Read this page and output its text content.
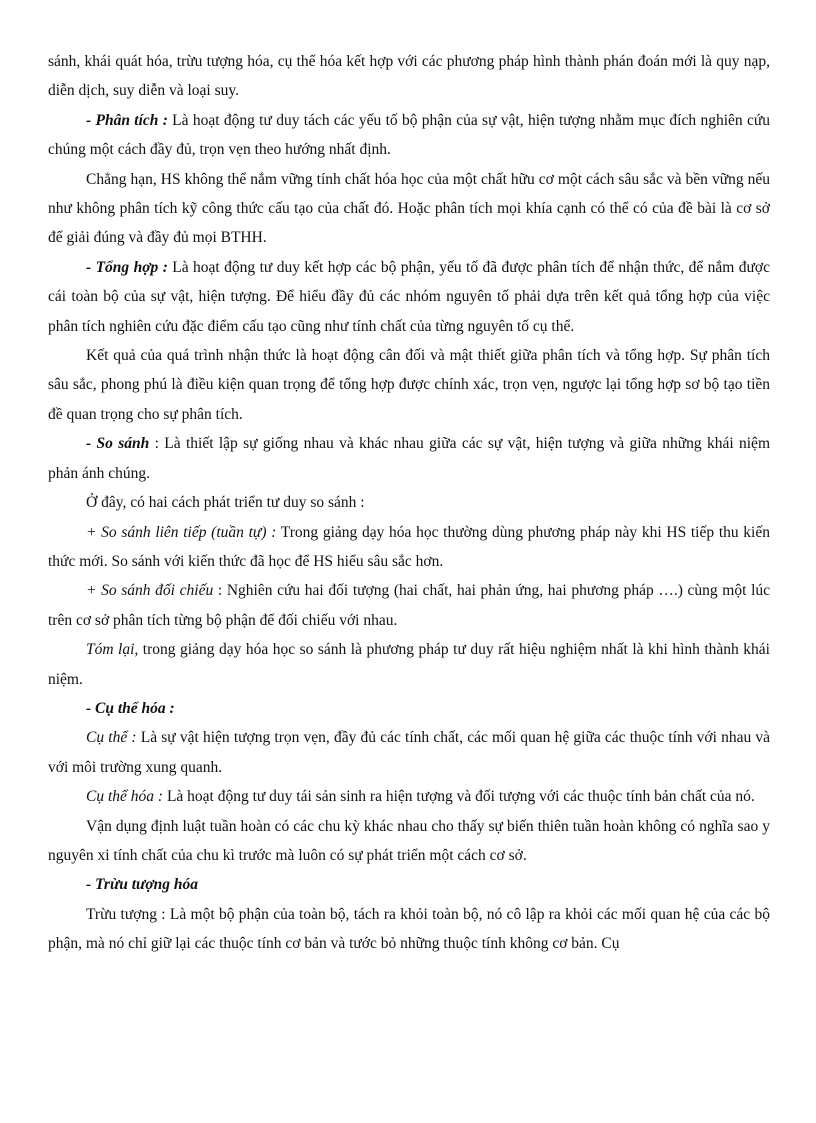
sánh, khái quát hóa, trừu tượng hóa, cụ thể hóa kết hợp với các phương pháp hình thành phán đoán mới là quy nạp, diễn dịch, suy diễn và loại suy.

- Phân tích : Là hoạt động tư duy tách các yếu tố bộ phận của sự vật, hiện tượng nhằm mục đích nghiên cứu chúng một cách đầy đủ, trọn vẹn theo hướng nhất định.

Chẳng hạn, HS không thể nắm vững tính chất hóa học của một chất hữu cơ một cách sâu sắc và bền vững nếu như không phân tích kỹ công thức cấu tạo của chất đó. Hoặc phân tích mọi khía cạnh có thể có của đề bài là cơ sở để giải đúng và đầy đủ mọi BTHH.

- Tổng hợp : Là hoạt động tư duy kết hợp các bộ phận, yếu tố đã được phân tích để nhận thức, để nắm được cái toàn bộ của sự vật, hiện tượng. Để hiểu đầy đủ các nhóm nguyên tố phải dựa trên kết quả tổng hợp của việc phân tích nghiên cứu đặc điểm cấu tạo cũng như tính chất của từng nguyên tố cụ thể.

Kết quả của quá trình nhận thức là hoạt động cân đối và mật thiết giữa phân tích và tổng hợp. Sự phân tích sâu sắc, phong phú là điều kiện quan trọng để tổng hợp được chính xác, trọn vẹn, ngược lại tổng hợp sơ bộ tạo tiền đề quan trọng cho sự phân tích.

- So sánh : Là thiết lập sự giống nhau và khác nhau giữa các sự vật, hiện tượng và giữa những khái niệm phản ánh chúng.

Ở đây, có hai cách phát triển tư duy so sánh :

+ So sánh liên tiếp (tuần tự) : Trong giảng dạy hóa học thường dùng phương pháp này khi HS tiếp thu kiến thức mới. So sánh với kiến thức đã học để HS hiểu sâu sắc hơn.

+ So sánh đối chiếu : Nghiên cứu hai đối tượng (hai chất, hai phản ứng, hai phương pháp ….) cùng một lúc trên cơ sở phân tích từng bộ phận để đối chiếu với nhau.

Tóm lại, trong giảng dạy hóa học so sánh là phương pháp tư duy rất hiệu nghiệm nhất là khi hình thành khái niệm.

- Cụ thể hóa :

Cụ thể : Là sự vật hiện tượng trọn vẹn, đầy đủ các tính chất, các mối quan hệ giữa các thuộc tính với nhau và với môi trường xung quanh.

Cụ thể hóa : Là hoạt động tư duy tái sản sinh ra hiện tượng và đối tượng với các thuộc tính bản chất của nó.

Vận dụng định luật tuần hoàn có các chu kỳ khác nhau cho thấy sự biến thiên tuần hoàn không có nghĩa sao y nguyên xi tính chất của chu kì trước mà luôn có sự phát triển một cách cơ sở.

- Trừu tượng hóa

Trừu tượng : Là một bộ phận của toàn bộ, tách ra khỏi toàn bộ, nó cô lập ra khỏi các mối quan hệ của các bộ phận, mà nó chỉ giữ lại các thuộc tính cơ bản và tước bỏ những thuộc tính không cơ bản. Cụ
